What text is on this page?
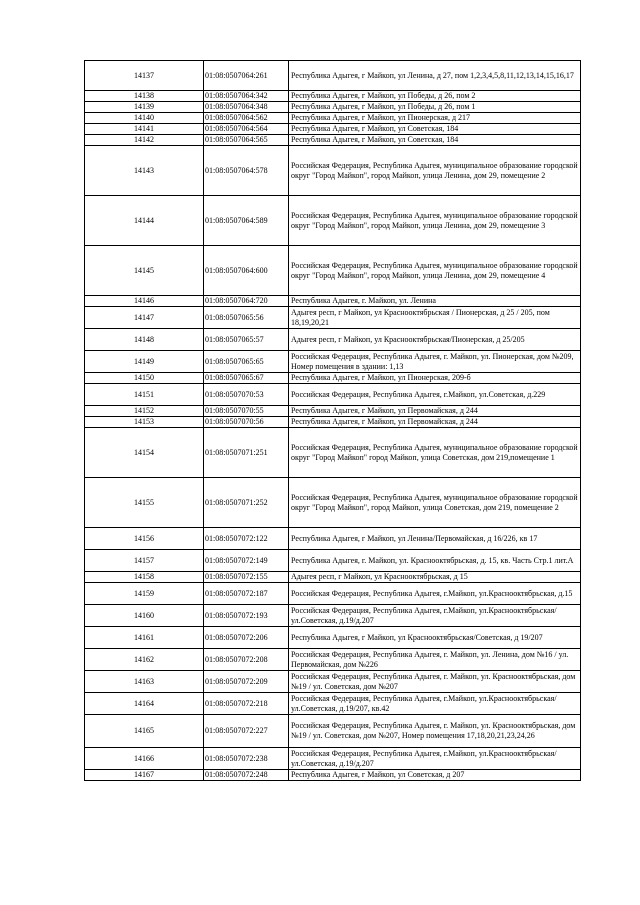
14137	01:08:0507064:261	Республика Адыгея, г Майкоп, ул Ленина, д 27, пом 1,2,3,4,5,8,11,12,13,14,15,16,17
14138	01:08:0507064:342	Республика Адыгея, г Майкоп, ул Победы, д 26, пом 2
14139	01:08:0507064:348	Республика Адыгея, г Майкоп, ул Победы, д 26, пом 1
14140	01:08:0507064:562	Республика Адыгея, г Майкоп, ул Пионерская, д 217
14141	01:08:0507064:564	Республика Адыгея, г Майкоп, ул Советская, 184
14142	01:08:0507064:565	Республика Адыгея, г Майкоп, ул Советская, 184
14143	01:08:0507064:578	Российская Федерация, Республика Адыгея, муниципальное образование городской округ "Город Майкоп", город Майкоп, улица Ленина, дом 29, помещение 2
14144	01:08:0507064:589	Российская Федерация, Республика Адыгея, муниципальное образование городской округ "Город Майкоп", город Майкоп, улица Ленина, дом 29, помещение 3
14145	01:08:0507064:600	Российская Федерация, Республика Адыгея, муниципальное образование городской округ "Город Майкоп", город Майкоп, улица Ленина, дом 29, помещение 4
14146	01:08:0507064:720	Республика Адыгея, г. Майкоп, ул. Ленина
14147	01:08:0507065:56	Адыгея респ, г Майкоп, ул Краснооктябрьская / Пионерская, д 25 / 205, пом 18,19,20,21
14148	01:08:0507065:57	Адыгея респ, г Майкоп, ул Краснооктябрьская/Пионерская, д 25/205
14149	01:08:0507065:65	Российская Федерация, Республика Адыгея, г. Майкоп, ул. Пионерская, дом №209, Номер помещения в здании: 1,13
14150	01:08:0507065:67	Республика Адыгея, г Майкоп, ул Пионерская, 209-б
14151	01:08:0507070:53	Российская Федерация, Республика Адыгея, г.Майкоп, ул.Советская, д.229
14152	01:08:0507070:55	Республика Адыгея, г Майкоп, ул Первомайская, д 244
14153	01:08:0507070:56	Республика Адыгея, г Майкоп, ул Первомайская, д 244
14154	01:08:0507071:251	Российская Федерация, Республика Адыгея, муниципальное образование городской округ "Город Майкоп" город Майкоп, улица Советская, дом 219,помещение 1
14155	01:08:0507071:252	Российская Федерация, Республика Адыгея, муниципальное образование городской округ "Город Майкоп", город Майкоп, улица Советская, дом 219, помещение 2
14156	01:08:0507072:122	Республика Адыгея, г Майкоп, ул Ленина/Первомайская, д 16/226, кв 17
14157	01:08:0507072:149	Республика Адыгея, г. Майкоп, ул. Краснооктябрьская, д. 15, кв. Часть Стр.1 лит.А
14158	01:08:0507072:155	Адыгея респ, г Майкоп, ул Краснооктябрьская, д 15
14159	01:08:0507072:187	Российская Федерация, Республика Адыгея, г.Майкоп, ул.Краснооктябрьская, д.15
14160	01:08:0507072:193	Российская Федерация, Республика Адыгея, г.Майкоп, ул.Краснооктябрьская/ул.Советская, д.19/д.207
14161	01:08:0507072:206	Республика Адыгея, г Майкоп, ул Краснооктябрьская/Советская, д 19/207
14162	01:08:0507072:208	Российская Федерация, Республика Адыгея, г. Майкоп, ул. Ленина, дом №16 / ул. Первомайская, дом №226
14163	01:08:0507072:209	Российская Федерация, Республика Адыгея, г. Майкоп, ул. Краснооктябрьская, дом №19 / ул. Советская, дом №207
14164	01:08:0507072:218	Российская Федерация, Республика Адыгея, г.Майкоп, ул.Краснооктябрьская/ул.Советская, д.19/207, кв.42
14165	01:08:0507072:227	Российская Федерация, Республика Адыгея, г. Майкоп, ул. Краснооктябрьская, дом №19 / ул. Советская, дом №207, Номер помещения 17,18,20,21,23,24,26
14166	01:08:0507072:238	Российская Федерация, Республика Адыгея, г.Майкоп, ул.Краснооктябрьская/ул.Советская, д.19/д.207
14167	01:08:0507072:248	Республика Адыгея, г Майкоп, ул Советская, д 207
